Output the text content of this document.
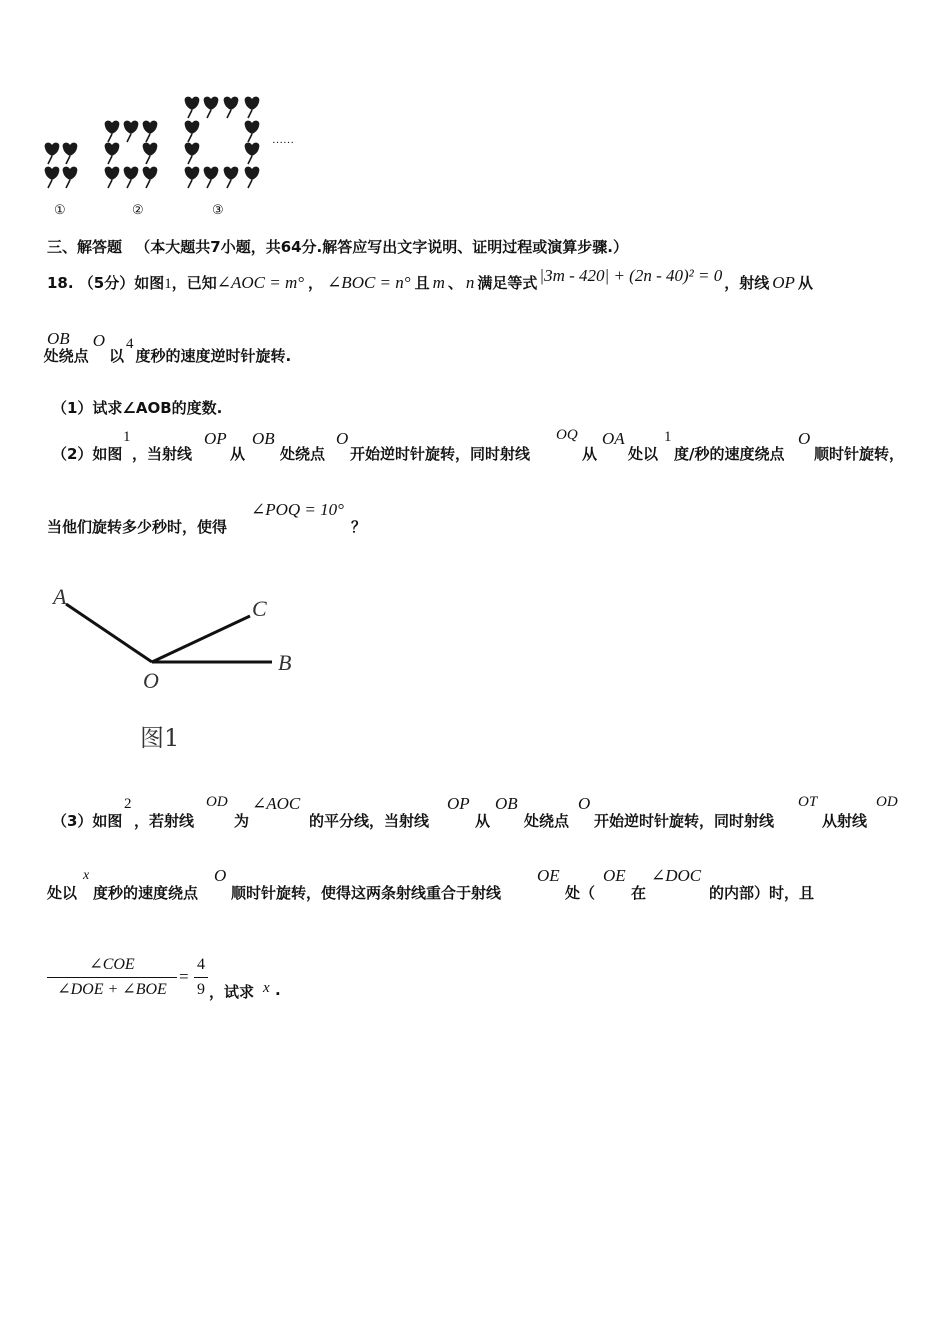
①	②	③
……
三、解答题 （本大题共7小题，共64分.解答应写出文字说明、证明过程或演算步骤.）
18. （5分）如图 1 ，已知 ∠AOC = m° ， ∠BOC = n° 且 m 、 n 满足等式 |3m - 420| + (2n - 40)² = 0 ，射线 OP 从
OB
处绕点
O
以
4
度秒的速度逆时针旋转.
（1）试求∠AOB的度数.
（2）如图
1
，当射线
OP
从
OB
处绕点
O
开始逆时针旋转，同时射线
OQ
从
OA
处以
1
度/秒的速度绕点
O
顺时针旋转，
当他们旋转多少秒时，使得
∠POQ = 10°
？
A	C
B
O
图1
（3）如图
2
，若射线
OD
为
∠AOC
的平分线，当射线
OP
从
OB
处绕点
O
开始逆时针旋转，同时射线
OT
从射线
OD
处以
x
度秒的速度绕点
O
顺时针旋转，使得这两条射线重合于射线
OE
处（
OE
在
∠DOC
的内部）时，且
∠COE
∠DOE + ∠BOE
=
4
9 ，试求 x .
